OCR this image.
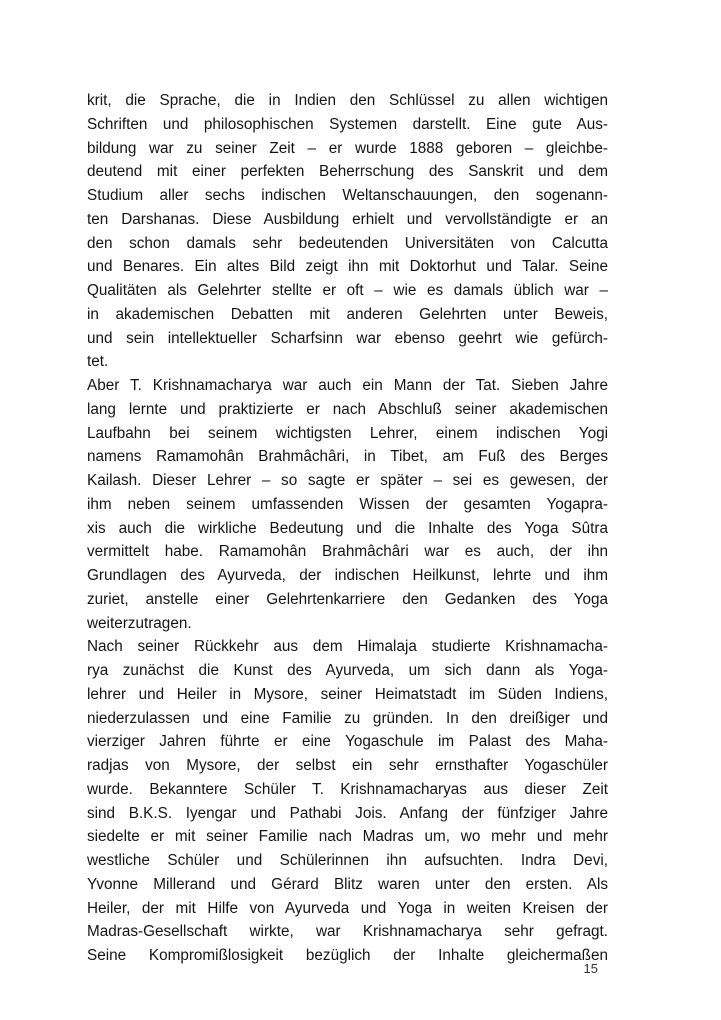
krit, die Sprache, die in Indien den Schlüssel zu allen wichtigen
Schriften und philosophischen Systemen darstellt. Eine gute Aus-
bildung war zu seiner Zeit – er wurde 1888 geboren – gleichbe-
deutend mit einer perfekten Beherrschung des Sanskrit und dem
Studium aller sechs indischen Weltanschauungen, den sogenann-
ten Darshanas. Diese Ausbildung erhielt und vervollständigte er an
den schon damals sehr bedeutenden Universitäten von Calcutta
und Benares. Ein altes Bild zeigt ihn mit Doktorhut und Talar. Seine
Qualitäten als Gelehrter stellte er oft – wie es damals üblich war –
in akademischen Debatten mit anderen Gelehrten unter Beweis,
und sein intellektueller Scharfsinn war ebenso geehrt wie gefürch-
tet.
Aber T. Krishnamacharya war auch ein Mann der Tat. Sieben Jahre
lang lernte und praktizierte er nach Abschluß seiner akademischen
Laufbahn bei seinem wichtigsten Lehrer, einem indischen Yogi
namens Ramamohân Brahmâchâri, in Tibet, am Fuß des Berges
Kailash. Dieser Lehrer – so sagte er später – sei es gewesen, der
ihm neben seinem umfassenden Wissen der gesamten Yogapra-
xis auch die wirkliche Bedeutung und die Inhalte des Yoga Sûtra
vermittelt habe. Ramamohân Brahmâchâri war es auch, der ihn
Grundlagen des Ayurveda, der indischen Heilkunst, lehrte und ihm
zuriet, anstelle einer Gelehrtenkarriere den Gedanken des Yoga
weiterzutragen.
Nach seiner Rückkehr aus dem Himalaja studierte Krishnamacha-
rya zunächst die Kunst des Ayurveda, um sich dann als Yoga-
lehrer und Heiler in Mysore, seiner Heimatstadt im Süden Indiens,
niederzulassen und eine Familie zu gründen. In den dreißiger und
vierziger Jahren führte er eine Yogaschule im Palast des Maha-
radjas von Mysore, der selbst ein sehr ernsthafter Yogaschüler
wurde. Bekanntere Schüler T. Krishnamacharyas aus dieser Zeit
sind B.K.S. Iyengar und Pathabi Jois. Anfang der fünfziger Jahre
siedelte er mit seiner Familie nach Madras um, wo mehr und mehr
westliche Schüler und Schülerinnen ihn aufsuchten. Indra Devi,
Yvonne Millerand und Gérard Blitz waren unter den ersten. Als
Heiler, der mit Hilfe von Ayurveda und Yoga in weiten Kreisen der
Madras-Gesellschaft wirkte, war Krishnamacharya sehr gefragt.
Seine Kompromißlosigkeit bezüglich der Inhalte gleichermaßen
15
